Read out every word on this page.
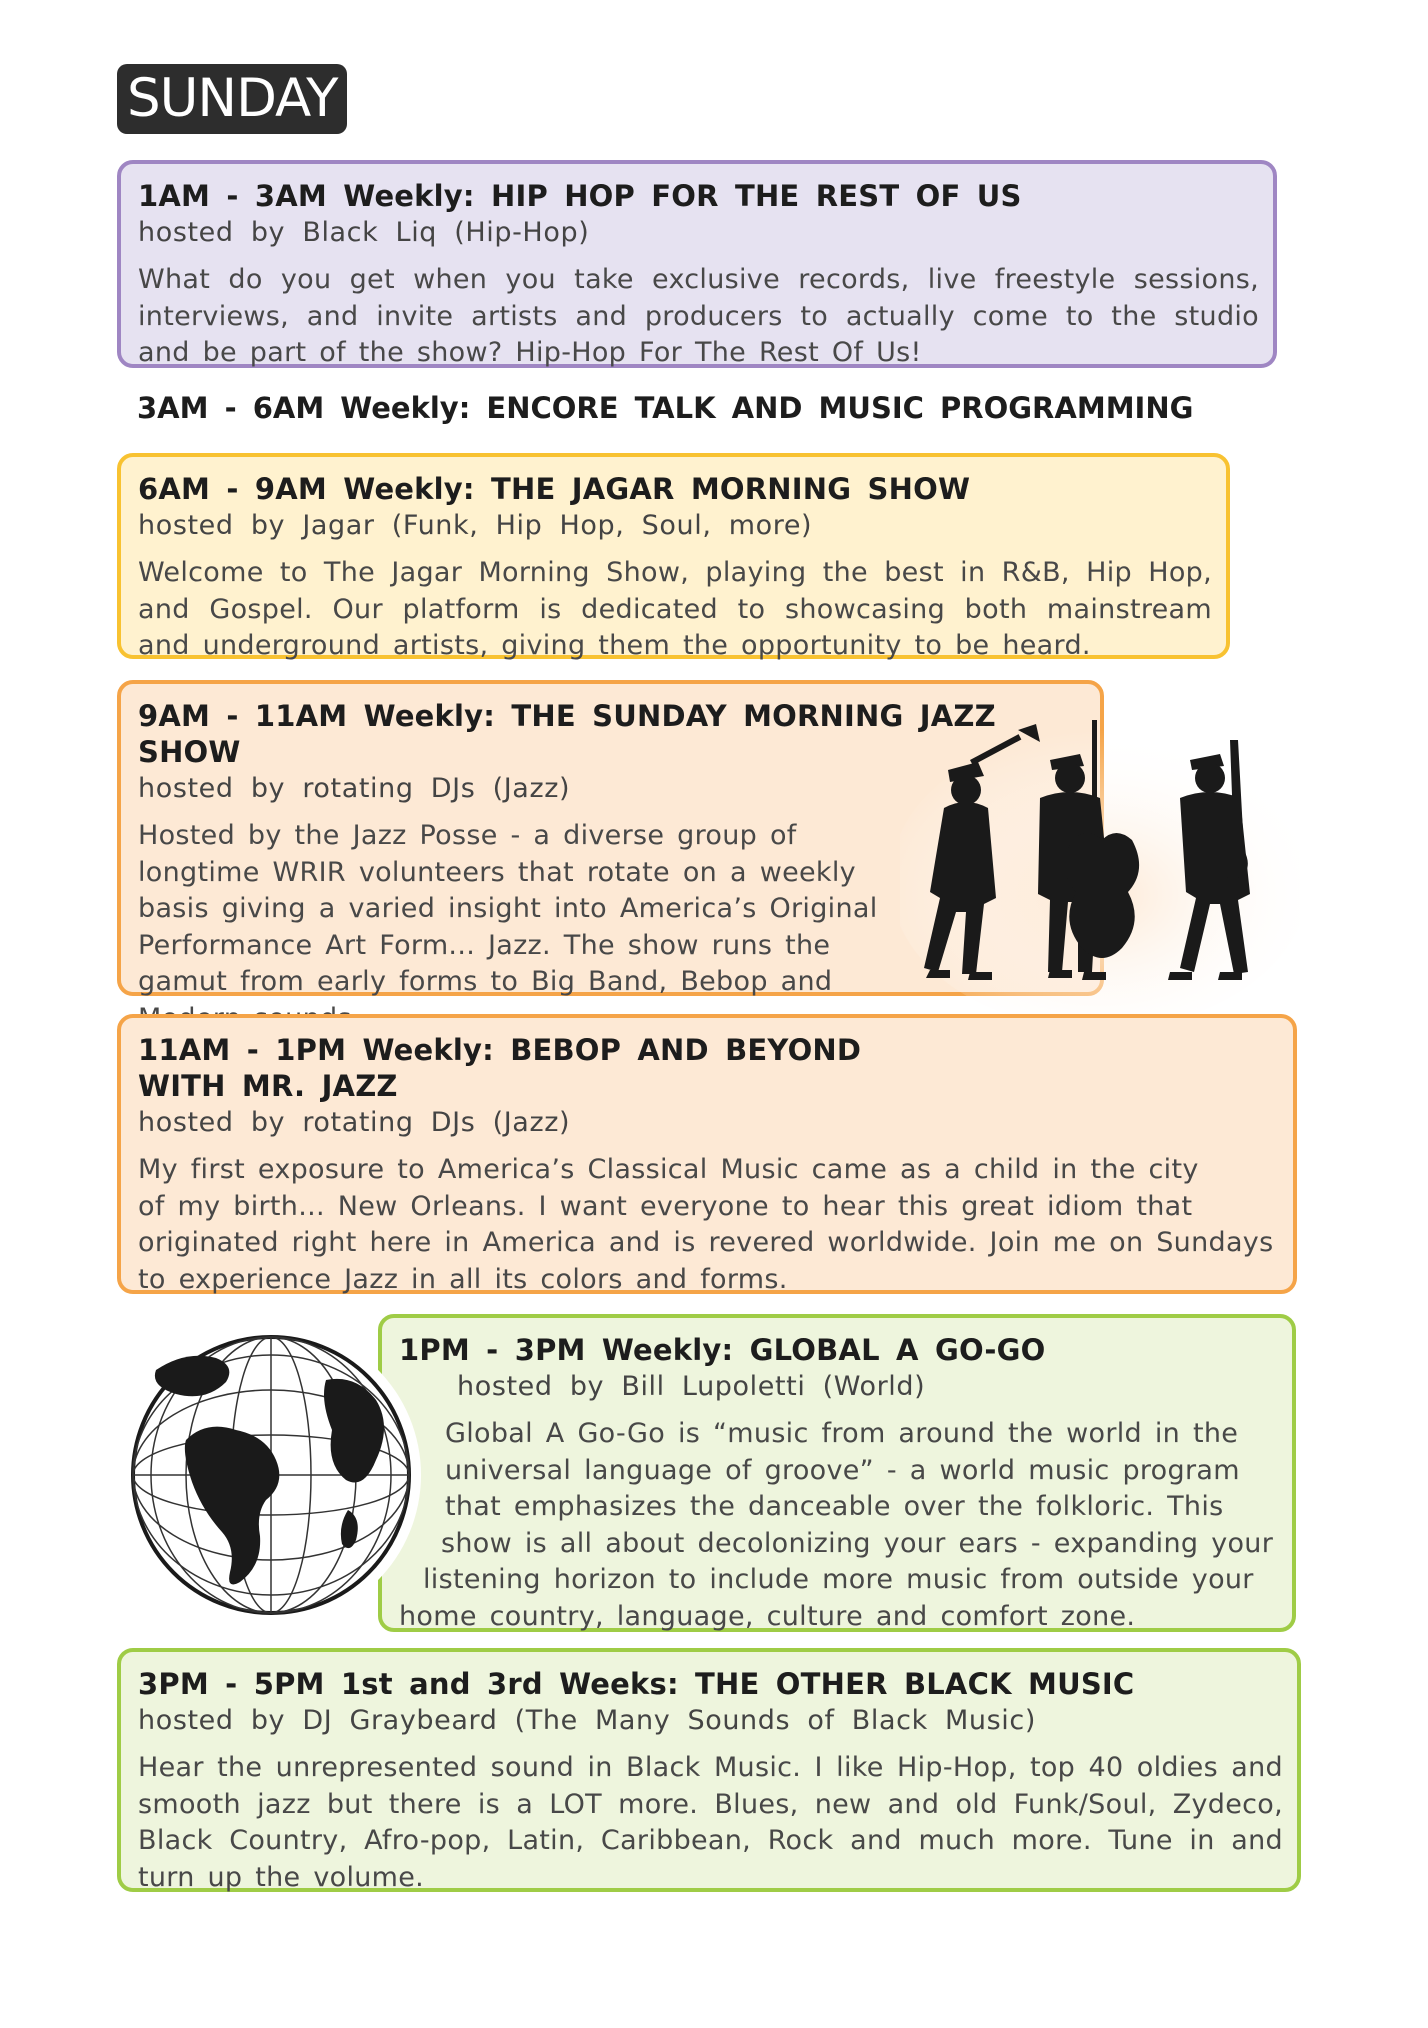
SUNDAY
1AM - 3AM Weekly: HIP HOP FOR THE REST OF US
hosted by Black Liq (Hip-Hop)
What do you get when you take exclusive records, live freestyle sessions, interviews, and invite artists and producers to actually come to the studio and be part of the show? Hip-Hop For The Rest Of Us!
3AM - 6AM Weekly: ENCORE TALK AND MUSIC PROGRAMMING
6AM - 9AM Weekly: THE JAGAR MORNING SHOW
hosted by Jagar (Funk, Hip Hop, Soul, more)
Welcome to The Jagar Morning Show, playing the best in R&B, Hip Hop, and Gospel. Our platform is dedicated to showcasing both mainstream and underground artists, giving them the opportunity to be heard.
9AM - 11AM Weekly: THE SUNDAY MORNING JAZZ SHOW
hosted by rotating DJs (Jazz)
Hosted by the Jazz Posse - a diverse group of
longtime WRIR volunteers that rotate on a weekly
basis giving a varied insight into America’s Original
Performance Art Form... Jazz. The show runs the
gamut from early forms to Big Band, Bebop and
11AM - 1PM Weekly: BEBOP AND BEYOND
WITH MR. JAZZ
hosted by rotating DJs (Jazz)
My first exposure to America’s Classical Music came as a child in the city
of my birth... New Orleans. I want everyone to hear this great idiom that
originated right here in America and is revered worldwide. Join me on Sundays
to experience Jazz in all its colors and forms.
1PM - 3PM Weekly: GLOBAL A GO-GO
hosted by Bill Lupoletti (World)
Global A Go-Go is “music from around the world in the
universal language of groove” - a world music program
that emphasizes the danceable over the folkloric. This
show is all about decolonizing your ears - expanding your
listening horizon to include more music from outside your
home country, language, culture and comfort zone.
3PM - 5PM 1st and 3rd Weeks: THE OTHER BLACK MUSIC
hosted by DJ Graybeard (The Many Sounds of Black Music)
Hear the unrepresented sound in Black Music. I like Hip-Hop, top 40 oldies and smooth jazz but there is a LOT more. Blues, new and old Funk/Soul, Zydeco, Black Country, Afro-pop, Latin, Caribbean, Rock and much more. Tune in and turn up the volume.
